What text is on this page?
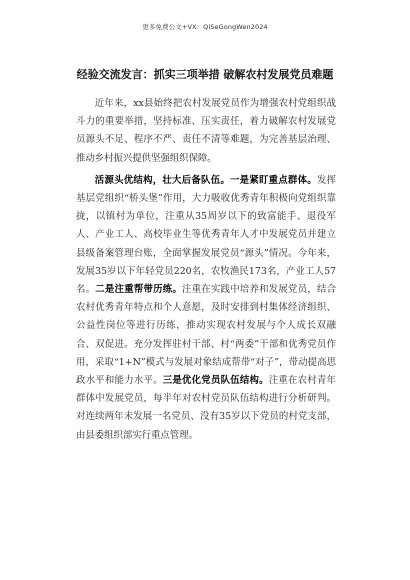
更多免费公文+VX：QiSeGongWen2024
经验交流发言：抓实三项举措 破解农村发展党员难题

近年来，xx县始终把农村发展党员作为增强农村党组织战斗力的重要举措，坚持标准、压实责任，着力破解农村发展党员源头不足、程序不严、责任不清等难题，为完善基层治理、推动乡村振兴提供坚强组织保障。

活源头优结构，壮大后备队伍。一是紧盯重点群体。发挥基层党组织“桥头堡”作用，大力吸收优秀青年积极向党组织靠拢，以镇村为单位，注重从35周岁以下的致富能手、退役军人、产业工人、高校毕业生等优秀青年人才中发展党员并建立县级备案管理台账，全面掌握发展党员“源头”情况。今年来，发展35岁以下年轻党员220名，农牧渔民173名，产业工人57名。二是注重帮带历练。注重在实践中培养和发展党员，结合农村优秀青年特点和个人意愿，及时安排到村集体经济组织、公益性岗位等进行历练，推动实现农村发展与个人成长双融合、双促进。充分发挥驻村干部、村“两委”干部和优秀党员作用，采取“1+N”模式与发展对象结成帮带“对子”，带动提高思政水平和能力水平。三是优化党员队伍结构。注重在农村青年群体中发展党员，每半年对农村党员队伍结构进行分析研判。对连续两年未发展一名党员、没有35岁以下党员的村党支部，由县委组织部实行重点管理。
